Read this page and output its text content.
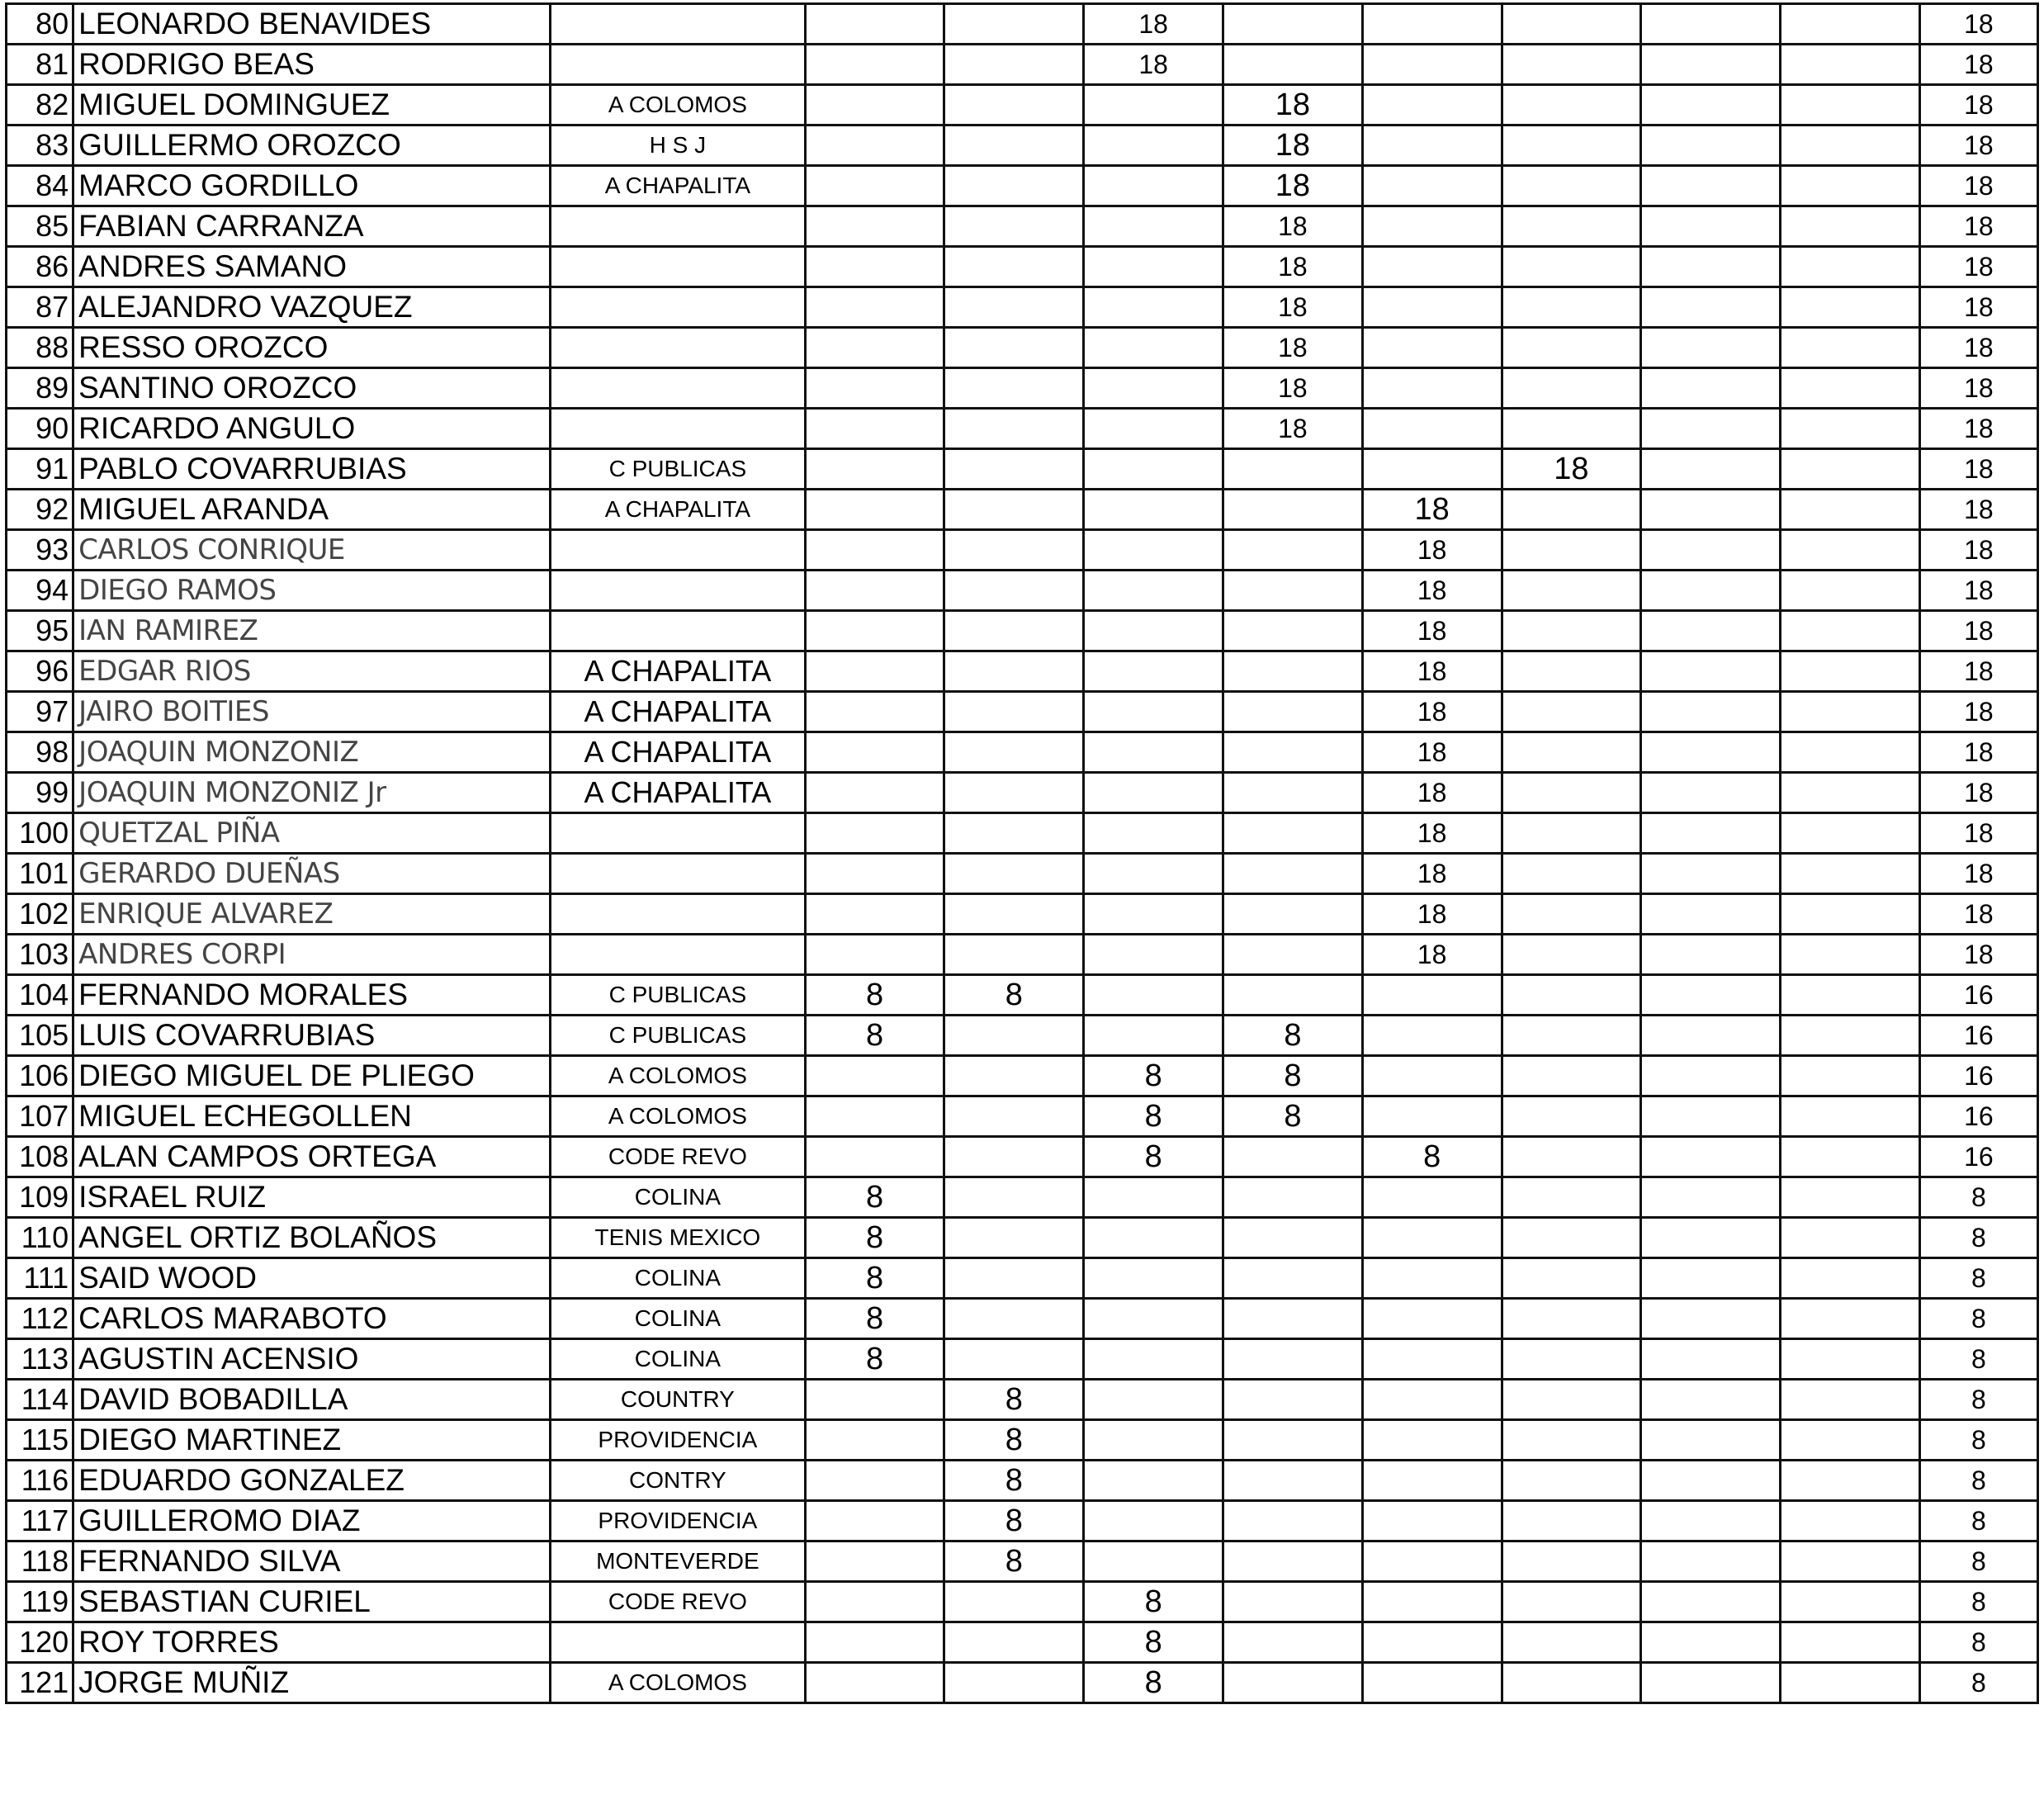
80	LEONARDO BENAVIDES				18						18
81	RODRIGO BEAS				18						18
82	MIGUEL DOMINGUEZ	A COLOMOS				18					18
83	GUILLERMO OROZCO	H S J				18					18
84	MARCO GORDILLO	A CHAPALITA				18					18
85	FABIAN CARRANZA					18					18
86	ANDRES SAMANO					18					18
87	ALEJANDRO VAZQUEZ					18					18
88	RESSO OROZCO					18					18
89	SANTINO OROZCO					18					18
90	RICARDO ANGULO					18					18
91	PABLO COVARRUBIAS	C PUBLICAS						18			18
92	MIGUEL ARANDA	A CHAPALITA					18				18
93	CARLOS CONRIQUE						18				18
94	DIEGO RAMOS						18				18
95	IAN RAMIREZ						18				18
96	EDGAR RIOS	A CHAPALITA					18				18
97	JAIRO BOITIES	A CHAPALITA					18				18
98	JOAQUIN MONZONIZ	A CHAPALITA					18				18
99	JOAQUIN MONZONIZ Jr	A CHAPALITA					18				18
100	QUETZAL PIÑA						18				18
101	GERARDO DUEÑAS						18				18
102	ENRIQUE ALVAREZ						18				18
103	ANDRES CORPI						18				18
104	FERNANDO MORALES	C PUBLICAS	8	8							16
105	LUIS COVARRUBIAS	C PUBLICAS	8			8					16
106	DIEGO MIGUEL DE PLIEGO	A COLOMOS			8	8					16
107	MIGUEL ECHEGOLLEN	A COLOMOS			8	8					16
108	ALAN CAMPOS ORTEGA	CODE REVO			8		8				16
109	ISRAEL RUIZ	COLINA	8								8
110	ANGEL ORTIZ BOLAÑOS	TENIS MEXICO	8								8
111	SAID WOOD	COLINA	8								8
112	CARLOS MARABOTO	COLINA	8								8
113	AGUSTIN ACENSIO	COLINA	8								8
114	DAVID BOBADILLA	COUNTRY		8							8
115	DIEGO MARTINEZ	PROVIDENCIA		8							8
116	EDUARDO GONZALEZ	CONTRY		8							8
117	GUILLEROMO DIAZ	PROVIDENCIA		8							8
118	FERNANDO SILVA	MONTEVERDE		8							8
119	SEBASTIAN CURIEL	CODE REVO			8						8
120	ROY TORRES				8						8
121	JORGE MUÑIZ	A COLOMOS			8						8
